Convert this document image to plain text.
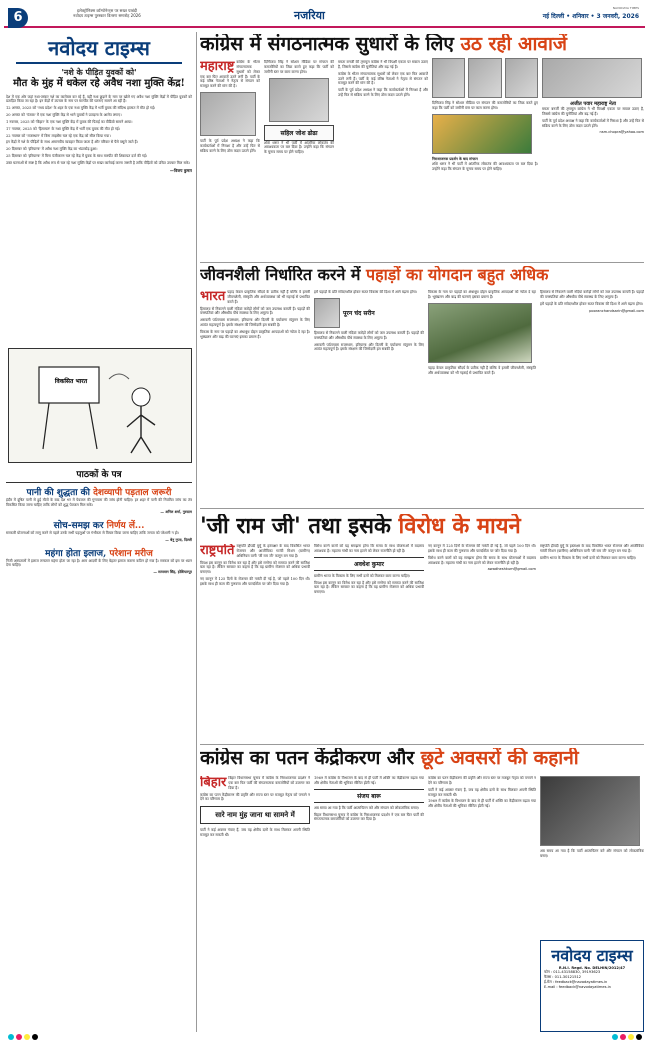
6	इलेक्ट्रॉनिक्स कॉम्पोनेन्ट्स पर सख्त पाबंदी
नवोदय टाइम्स पुरस्कार वितरण समारोह 2026	नजरिया
NAVODAYA TIMES
नई दिल्ली • शनिवार • 3 जनवरी, 2026
नवोदय टाइम्स
'नशे के पीड़ित युवकों को'
मौत के मुंह में धकेल रहे अवैध नशा मुक्ति केंद्र!

देश में एक ओर जहां नशा-तस्कर नशे का कारोबार कर रहे हैं, वहीं नशा छुड़ाने के नाम पर खोले गए अवैध नशा मुक्ति केंद्रों में पीड़ित युवकों को प्रताड़ित किया जा रहा है। इन केंद्रों में उपचार के नाम पर मारपीट की घटनाएं सामने आ रही हैं।

12 अगस्त, 2025 को 'मध्य प्रदेश' के शहर के एक नशा मुक्ति केंद्र में भर्ती युवक की संदिग्ध हालात में मौत हो गई।

20 अगस्त को 'पंजाब' में एक नशा मुक्ति केंद्र से भागे युवकों ने प्रताड़ना के आरोप लगाए।

1 नवम्बर, 2025 को 'बिहार' के एक नशा मुक्ति केंद्र में युवक की पिटाई का वीडियो सामने आया।

17 नवम्बर, 2025 को 'हिमाचल' के नशा मुक्ति केंद्र में भर्ती एक युवक की मौत हो गई।

22 नवम्बर को 'राजस्थान' में बिना लाइसेंस चल रहे एक केंद्र को सील किया गया।

इन केंद्रों में नशे के पीड़ितों के साथ अमानवीय व्यवहार किया जाता है और परिवार से पैसे वसूले जाते हैं।

20 दिसम्बर को 'हरियाणा' में अवैध नशा मुक्ति केंद्र का भंडाफोड़ हुआ।

25 दिसम्बर को 'हरियाणा' में बिना पंजीकरण चल रहे केंद्र में युवक के साथ मारपीट की शिकायत दर्ज की गई।

उक्त घटनाओं से स्पष्ट है कि अवैध रूप से चल रहे नशा मुक्ति केंद्रों पर सख्त कार्रवाई करना जरूरी है ताकि पीड़ितों को उचित उपचार मिल सके।

—विजय कुमार
विकसित भारत
पाठकों के पत्र
पानी की शुद्धता की देशव्यापी पड़ताल जरूरी

इंदौर में दूषित पानी से हुई मौतों के बाद देश भर में पेयजल की गुणवत्ता की जांच होनी चाहिए। हर शहर में पानी की नियमित जांच का तंत्र विकसित किया जाना चाहिए ताकि लोगों को शुद्ध पेयजल मिल सके।

— अनिल शर्मा, गुरुग्राम
सोच-समझ कर निर्णय लें...

सरकारी योजनाओं को लागू करने से पहले उनके सभी पहलुओं पर गंभीरता से विचार किया जाना चाहिए ताकि जनता को परेशानी न हो।

— बेनु गुप्ता, दिल्ली
महंगा होता इलाज, परेशान मरीज

निजी अस्पतालों में इलाज लगातार महंगा होता जा रहा है। आम आदमी के लिए बेहतर इलाज कराना कठिन हो गया है। सरकार को इस पर ध्यान देना चाहिए।

— सत्यवान सिंह, होशियारपुर
कांग्रेस में संगठनात्मक सुधारों के लिए उठ रही आवाजें
महाराष्ट्र कांग्रेस के भीतर संगठनात्मक सुधारों को लेकर एक बार फिर आवाजें उठने लगी हैं। पार्टी के कई वरिष्ठ नेताओं ने नेतृत्व से संगठन को मजबूत करने की मांग की है।

पार्टी के पूर्व प्रदेश अध्यक्ष ने कहा कि कार्यकर्ताओं में निराशा है और उन्हें फिर से सक्रिय करने के लिए ठोस कदम उठाने होंगे।

दिग्विजय सिंह ने सोशल मीडिया पर संगठन की कमजोरियों का जिक्र करते हुए कहा कि पार्टी को जमीनी स्तर पर काम करना होगा।

सहिल जोश ढोढा

शशि थरूर ने भी पार्टी में आंतरिक लोकतंत्र की आवश्यकता पर बल दिया है। उन्होंने कहा कि संगठन के चुनाव समय पर होने चाहिए।

ममता बनर्जी की तृणमूल कांग्रेस ने भी विपक्षी एकता पर सवाल उठाए हैं, जिससे कांग्रेस की चुनौतियां और बढ़ गई हैं।

कांग्रेस के भीतर संगठनात्मक सुधारों को लेकर एक बार फिर आवाजें उठने लगी हैं। पार्टी के कई वरिष्ठ नेताओं ने नेतृत्व से संगठन को मजबूत करने की मांग की है।

पार्टी के पूर्व प्रदेश अध्यक्ष ने कहा कि कार्यकर्ताओं में निराशा है और उन्हें फिर से सक्रिय करने के लिए ठोस कदम उठाने होंगे।

दिग्विजय सिंह ने सोशल मीडिया पर संगठन की कमजोरियों का जिक्र करते हुए कहा कि पार्टी को जमीनी स्तर पर काम करना होगा।

निराशाजनक प्रदर्शन के बाद संगठन

शशि थरूर ने भी पार्टी में आंतरिक लोकतंत्र की आवश्यकता पर बल दिया है। उन्होंने कहा कि संगठन के चुनाव समय पर होने चाहिए।

अजीत पवार महाराष्ट्र नेता

ममता बनर्जी की तृणमूल कांग्रेस ने भी विपक्षी एकता पर सवाल उठाए हैं, जिससे कांग्रेस की चुनौतियां और बढ़ गई हैं।

पार्टी के पूर्व प्रदेश अध्यक्ष ने कहा कि कार्यकर्ताओं में निराशा है और उन्हें फिर से सक्रिय करने के लिए ठोस कदम उठाने होंगे।

nsm.chopra@yahoo.com
जीवनशैली निर्धारित करने में पहाड़ों का योगदान बहुत अधिक
भारत पहाड़ केवल प्राकृतिक सौंदर्य के प्रतीक नहीं हैं बल्कि वे हमारी जीवनशैली, संस्कृति और अर्थव्यवस्था को भी गहराई से प्रभावित करते हैं।

हिमालय से निकलने वाली नदियां करोड़ों लोगों को जल उपलब्ध कराती हैं। पहाड़ों की वनस्पतियां और औषधीय पौधे स्वास्थ्य के लिए अमूल्य हैं।

अरावली पर्वतमाला राजस्थान, हरियाणा और दिल्ली के पर्यावरण संतुलन के लिए अत्यंत महत्वपूर्ण है। इसके संरक्षण की जिम्मेदारी हम सबकी है।

विकास के नाम पर पहाड़ों का अंधाधुंध दोहन प्राकृतिक आपदाओं को न्योता दे रहा है। भूस्खलन और बाढ़ की घटनाएं इसका प्रमाण हैं।

हमें पहाड़ों के प्रति संवेदनशील होकर सतत विकास की दिशा में आगे बढ़ना होगा।

पूरन चंद सरीन

हिमालय से निकलने वाली नदियां करोड़ों लोगों को जल उपलब्ध कराती हैं। पहाड़ों की वनस्पतियां और औषधीय पौधे स्वास्थ्य के लिए अमूल्य हैं।

अरावली पर्वतमाला राजस्थान, हरियाणा और दिल्ली के पर्यावरण संतुलन के लिए अत्यंत महत्वपूर्ण है। इसके संरक्षण की जिम्मेदारी हम सबकी है।

विकास के नाम पर पहाड़ों का अंधाधुंध दोहन प्राकृतिक आपदाओं को न्योता दे रहा है। भूस्खलन और बाढ़ की घटनाएं इसका प्रमाण हैं।

पहाड़ केवल प्राकृतिक सौंदर्य के प्रतीक नहीं हैं बल्कि वे हमारी जीवनशैली, संस्कृति और अर्थव्यवस्था को भी गहराई से प्रभावित करते हैं।

हिमालय से निकलने वाली नदियां करोड़ों लोगों को जल उपलब्ध कराती हैं। पहाड़ों की वनस्पतियां और औषधीय पौधे स्वास्थ्य के लिए अमूल्य हैं।

हमें पहाड़ों के प्रति संवेदनशील होकर सतत विकास की दिशा में आगे बढ़ना होगा।

pooranchandsarin@gmail.com
'जी राम जी' तथा इसके विरोध के मायने
राष्ट्रपति राष्ट्रपति द्रौपदी मुर्मू के हस्ताक्षर के बाद विकसित भारत रोजगार और आजीविका गारंटी मिशन (ग्रामीण) अधिनियम यानी 'जी राम जी' कानून बन गया है।

विपक्ष इस कानून का विरोध कर रहा है और इसे मनरेगा को समाप्त करने की साजिश बता रहा है। लेकिन सरकार का कहना है कि यह ग्रामीण रोजगार को अधिक प्रभावी बनाएगा।

नए कानून में 125 दिनों के रोजगार की गारंटी दी गई है, जो पहले 100 दिन थी। इसके साथ ही काम की गुणवत्ता और पारदर्शिता पर जोर दिया गया है।

विरोध करने वालों को यह समझना होगा कि समय के साथ योजनाओं में बदलाव आवश्यक है। महात्मा गांधी का नाम हटाने को लेकर राजनीति हो रही है।

अवधेश कुमार

ग्रामीण भारत के विकास के लिए सभी दलों को मिलकर काम करना चाहिए।

विपक्ष इस कानून का विरोध कर रहा है और इसे मनरेगा को समाप्त करने की साजिश बता रहा है। लेकिन सरकार का कहना है कि यह ग्रामीण रोजगार को अधिक प्रभावी बनाएगा।

नए कानून में 125 दिनों के रोजगार की गारंटी दी गई है, जो पहले 100 दिन थी। इसके साथ ही काम की गुणवत्ता और पारदर्शिता पर जोर दिया गया है।

विरोध करने वालों को यह समझना होगा कि समय के साथ योजनाओं में बदलाव आवश्यक है। महात्मा गांधी का नाम हटाने को लेकर राजनीति हो रही है।

awadheshkum@gmail.com

राष्ट्रपति द्रौपदी मुर्मू के हस्ताक्षर के बाद विकसित भारत रोजगार और आजीविका गारंटी मिशन (ग्रामीण) अधिनियम यानी 'जी राम जी' कानून बन गया है।

ग्रामीण भारत के विकास के लिए सभी दलों को मिलकर काम करना चाहिए।

कांग्रेस का पतन केंद्रीकरण और छूटे अवसरों की कहानी
बिहार बिहार विधानसभा चुनाव में कांग्रेस के निराशाजनक प्रदर्शन ने एक बार फिर पार्टी की संगठनात्मक कमजोरियों को उजागर कर दिया है।

कांग्रेस का पतन केंद्रीकरण की प्रवृत्ति और राज्य स्तर पर मजबूत नेतृत्व को पनपने न देने का परिणाम है।

सारे नाम मुंह जाना था सामने में

पार्टी ने कई अवसर गंवाए हैं, जब वह क्षेत्रीय दलों के साथ मिलकर अपनी स्थिति मजबूत कर सकती थी।

1969 में कांग्रेस के विभाजन के बाद से ही पार्टी में शक्ति का केंद्रीकरण बढ़ता गया और क्षेत्रीय नेताओं की भूमिका सीमित होती गई।

संजय बारू

अब समय आ गया है कि पार्टी आत्मचिंतन करे और संगठन को लोकतांत्रिक बनाए।

बिहार विधानसभा चुनाव में कांग्रेस के निराशाजनक प्रदर्शन ने एक बार फिर पार्टी की संगठनात्मक कमजोरियों को उजागर कर दिया है।

कांग्रेस का पतन केंद्रीकरण की प्रवृत्ति और राज्य स्तर पर मजबूत नेतृत्व को पनपने न देने का परिणाम है।

पार्टी ने कई अवसर गंवाए हैं, जब वह क्षेत्रीय दलों के साथ मिलकर अपनी स्थिति मजबूत कर सकती थी।

1969 में कांग्रेस के विभाजन के बाद से ही पार्टी में शक्ति का केंद्रीकरण बढ़ता गया और क्षेत्रीय नेताओं की भूमिका सीमित होती गई।

अब समय आ गया है कि पार्टी आत्मचिंतन करे और संगठन को लोकतांत्रिक बनाए।

नवोदय टाइम्स
R.N.I. Regd. No. DELHIN/2012/47
फोन : 011-43158830, 39193623
फैक्स : 011-30121512
ई-मेल : feedback@navodayatimes.in
E-mail : feedback@navodayatimes.in
